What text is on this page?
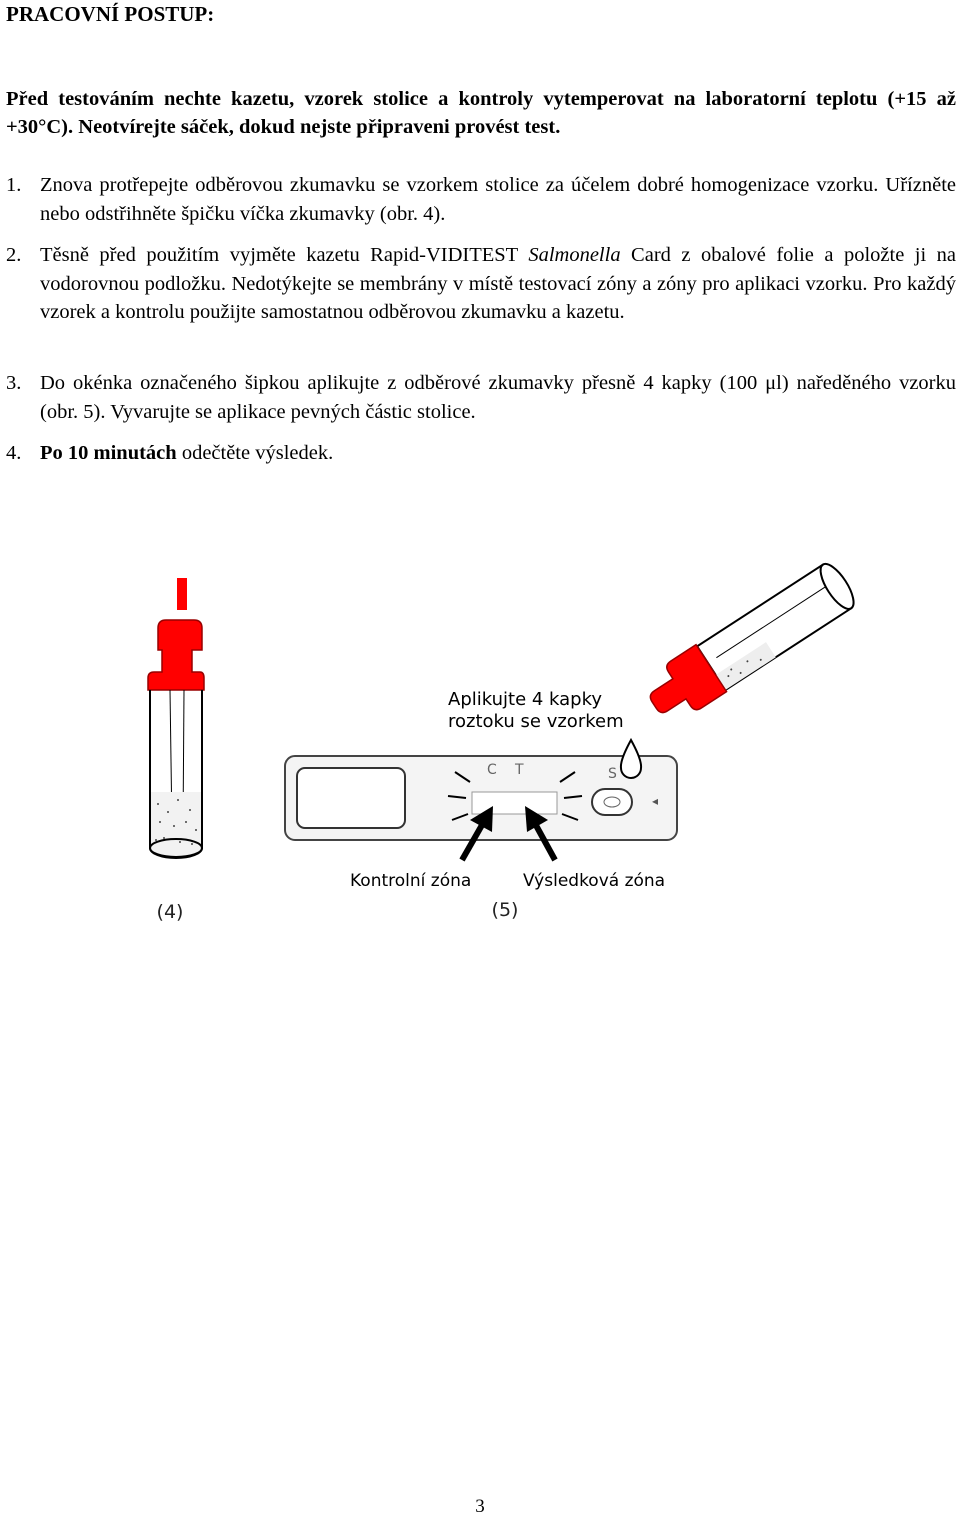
PRACOVNÍ POSTUP:
Před testováním nechte kazetu, vzorek stolice a kontroly vytemperovat na laboratorní teplotu (+15 až +30°C). Neotvírejte sáček, dokud nejste připraveni provést test.
1. Znova protřepejte odběrovou zkumavku se vzorkem stolice za účelem dobré homogenizace vzorku. Uřízněte nebo odstřihněte špičku víčka zkumavky (obr. 4).
2. Těsně před použitím vyjměte kazetu Rapid-VIDITEST Salmonella Card z obalové folie a položte ji na vodorovnou podložku. Nedotýkejte se membrány v místě testovací zóny a zóny pro aplikaci vzorku. Pro každý vzorek a kontrolu použijte samostatnou odběrovou zkumavku a kazetu.
3. Do okénka označeného šipkou aplikujte z odběrové zkumavky přesně 4 kapky (100 μl) naředěného vzorku (obr. 5). Vyvarujte se aplikace pevných částic stolice.
4. Po 10 minutách odečtěte výsledek.
(4)
Aplikujte 4 kapky
roztoku se vzorkem
C T	S
◂
Kontrolní zóna	Výsledková zóna
(5)
3
